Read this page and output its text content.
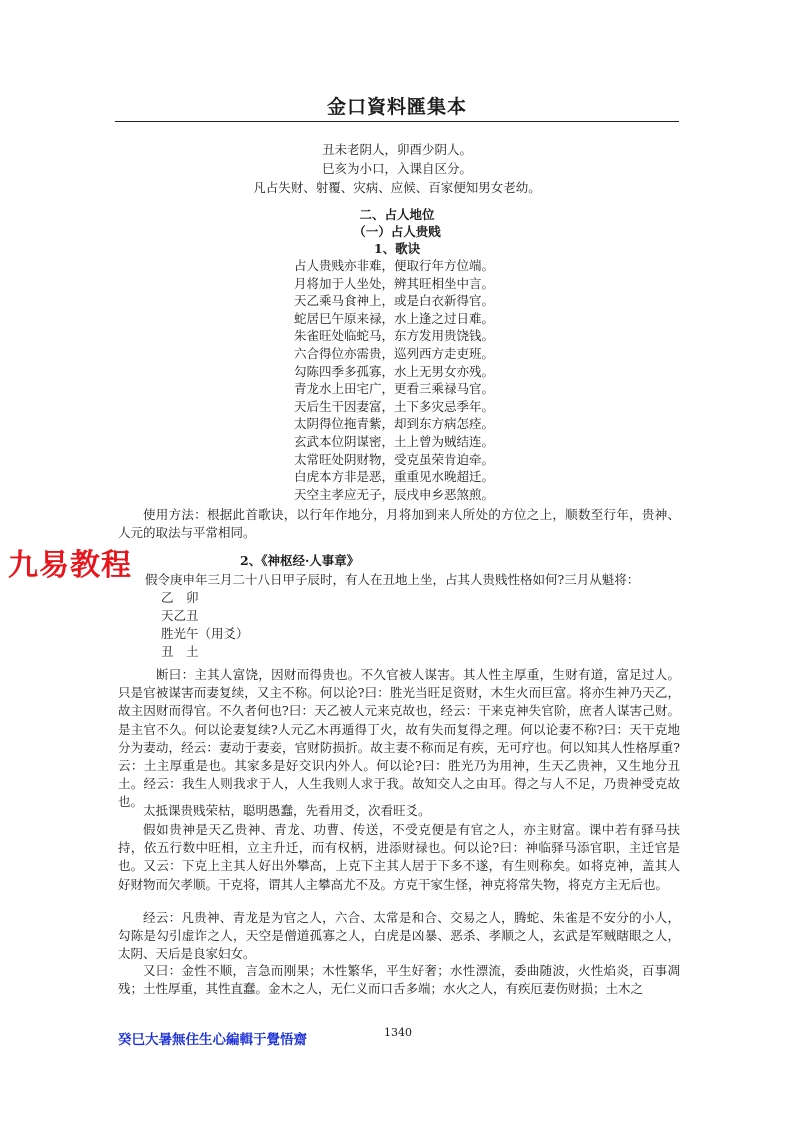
金口資料匯集本
丑未老阴人，卯酉少阴人。
巳亥为小口，入课自区分。
凡占失财、射覆、灾病、应候、百家便知男女老幼。
二、占人地位
（一）占人贵贱
1、歌诀
占人贵贱亦非难，便取行年方位端。
月将加于人坐处，辨其旺相坐中言。
天乙乘马食神上，或是白衣新得官。
蛇居巳午原来禄，水上逢之过日难。
朱雀旺处临蛇马，东方发用贵饶钱。
六合得位亦需贵，巡列西方走吏班。
勾陈四季多孤寡，水上无男女亦残。
青龙水上田宅广，更看三乘禄马官。
天后生干因妻富，土下多灾忌季年。
太阴得位拖青紫，却到东方病怎痊。
玄武本位阴谋密，土上曾为贼结连。
太常旺处阴财物，受克虽荣肯迫牵。
白虎本方非是恶，重重见水晚超迁。
天空主孝应无子，辰戌申乡恶煞煎。
使用方法：根据此首歌诀，以行年作地分，月将加到来人所处的方位之上，顺数至行年，贵神、人元的取法与平常相同。
九易教程	2、《神枢经·人事章》
假令庚申年三月二十八日甲子辰时，有人在丑地上坐，占其人贵贱性格如何?三月从魁将：
乙　卯
天乙丑
胜光午（用爻）
丑　土
断曰：主其人富饶，因财而得贵也。不久官被人谋害。其人性主厚重，生财有道，富足过人。只是官被谋害而妻复续，又主不称。何以论?曰：胜光当旺足资财，木生火而巨富。将亦生神乃天乙，故主因财而得官。不久者何也?曰：天乙被人元来克故也，经云：干来克神失官阶，庶者人谋害己财。是主官不久。何以论妻复续?人元乙木再遁得丁火，故有失而复得之理。何以论妻不称?曰：天干克地分为妻动，经云：妻动于妻妾，官财防损折。故主妻不称而足有疾，无可疗也。何以知其人性格厚重?云：土主厚重是也。其家多是好交识内外人。何以论?曰：胜光乃为用神，生天乙贵神，又生地分丑土。经云：我生人则我求于人，人生我则人求于我。故知交人之由耳。得之与人不足，乃贵神受克故也。
太抵课贵贱荣枯，聪明愚蠢，先看用爻，次看旺爻。
假如贵神是天乙贵神、青龙、功曹、传送，不受克便是有官之人，亦主财富。课中若有驿马扶持，依五行数中旺相，立主升迁，而有权柄，进添财禄也。何以论?曰：神临驿马添官职，主迁官是也。又云：下克上主其人好出外攀高，上克下主其人居于下多不遂，有生则称矣。如将克神，盖其人好财物而欠孝顺。干克将，谓其人主攀高尤不及。方克干家生怪，神克将常失物，将克方主无后也。
经云：凡贵神、青龙是为官之人，六合、太常是和合、交易之人，腾蛇、朱雀是不安分的小人，勾陈是勾引虚诈之人，天空是僧道孤寡之人，白虎是凶暴、恶杀、孝顺之人，玄武是军贼瞎眼之人，太阴、天后是良家妇女。
又曰：金性不顺，言急而刚果；木性繁华，平生好奢；水性漂流，委曲随波，火性焰炎，百事凋残；土性厚重，其性直蠢。金木之人，无仁义而口舌多端；水火之人，有疾厄妻伤财损；土木之
癸巳大暑無住生心編輯于覺悟齋	1340
